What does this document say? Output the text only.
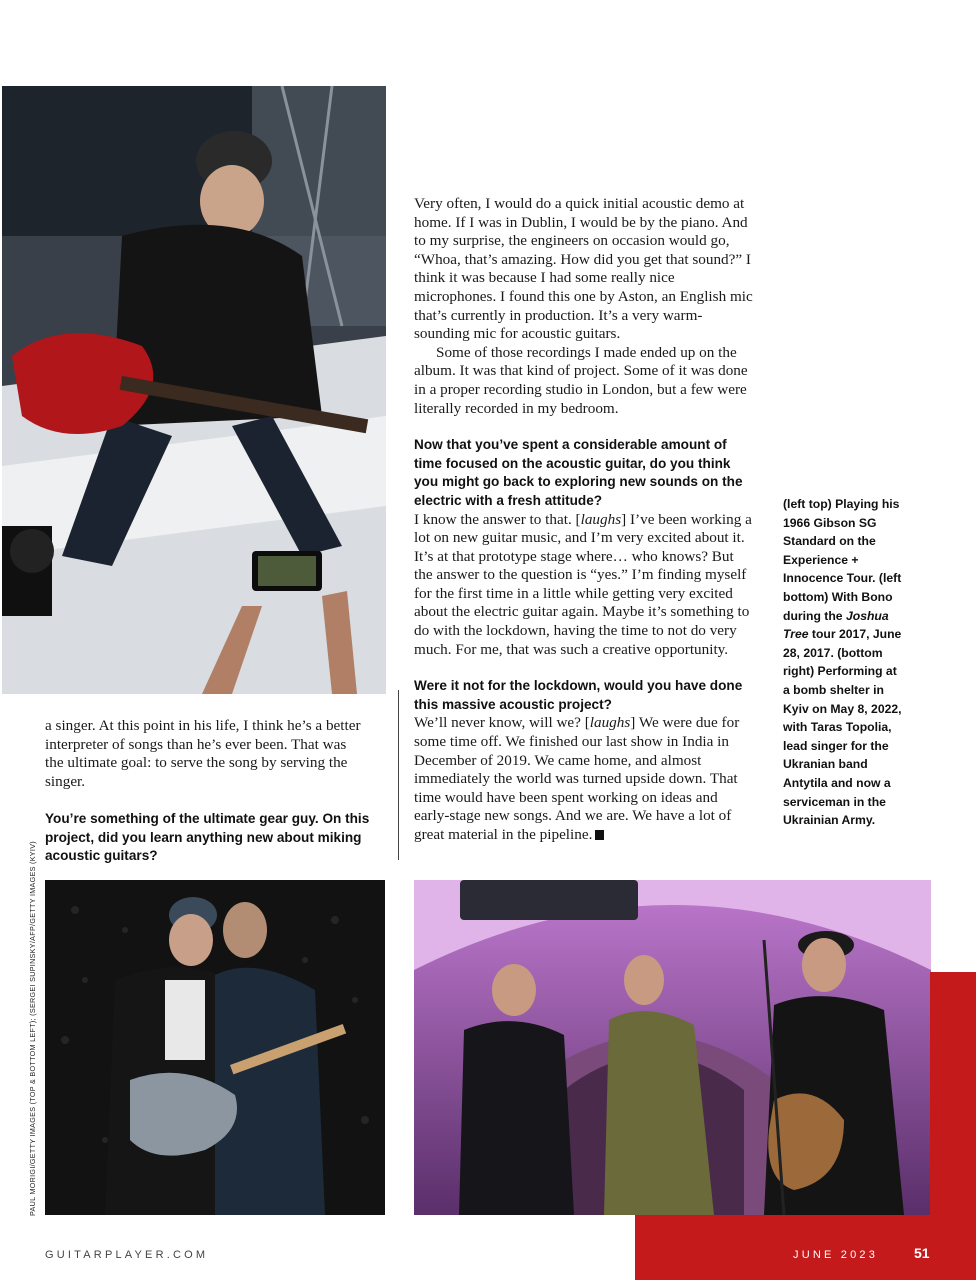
Very often, I would do a quick initial acoustic demo at home. If I was in Dublin, I would be by the piano. And to my surprise, the engineers on occasion would go, “Whoa, that’s amazing. How did you get that sound?” I think it was because I had some really nice microphones. I found this one by Aston, an English mic that’s currently in production. It’s a very warm-sounding mic for acoustic guitars.

Some of those recordings I made ended up on the album. It was that kind of project. Some of it was done in a proper recording studio in London, but a few were literally recorded in my bedroom.

Now that you’ve spent a considerable amount of time focused on the acoustic guitar, do you think you might go back to exploring new sounds on the electric with a fresh attitude?

I know the answer to that. [laughs] I’ve been working a lot on new guitar music, and I’m very excited about it. It’s at that prototype stage where… who knows? But the answer to the question is “yes.” I’m finding myself for the first time in a little while getting very excited about the electric guitar again. Maybe it’s something to do with the lockdown, having the time to not do very much. For me, that was such a creative opportunity.

Were it not for the lockdown, would you have done this massive acoustic project?

We’ll never know, will we? [laughs] We were due for some time off. We finished our last show in India in December of 2019. We came home, and almost immediately the world was turned upside down. That time would have been spent working on ideas and early-stage new songs. And we are. We have a lot of great material in the pipeline.

a singer. At this point in his life, I think he’s a better interpreter of songs than he’s ever been. That was the ultimate goal: to serve the song by serving the singer.

You’re something of the ultimate gear guy. On this project, did you learn anything new about miking acoustic guitars?

(left top) Playing his 1966 Gibson SG Standard on the Experience + Innocence Tour. (left bottom) With Bono during the Joshua Tree tour 2017, June 28, 2017. (bottom right) Performing at a bomb shelter in Kyiv on May 8, 2022, with Taras Topolia, lead singer for the Ukranian band Antytila and now a serviceman in the Ukrainian Army.
PAUL MORIGI/GETTY IMAGES (TOP & BOTTOM LEFT); (SERGEI SUPINSKY/AFP/GETTY IMAGES (KYIV)
GUITARPLAYER.COM	JUNE 2023	51
